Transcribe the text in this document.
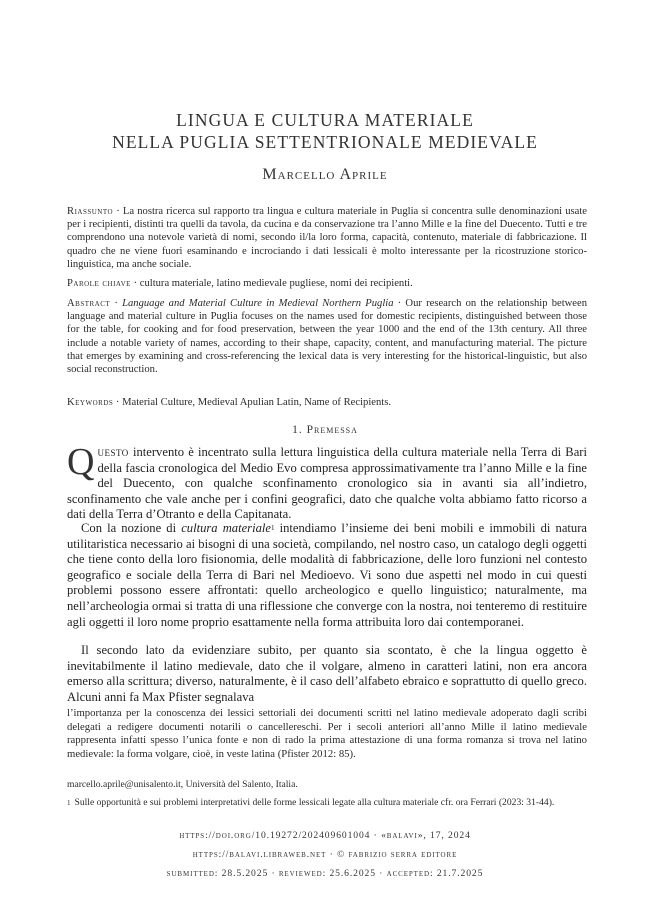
LINGUA E CULTURA MATERIALE
NELLA PUGLIA SETTENTRIONALE MEDIEVALE
Marcello Aprile
Riassunto · La nostra ricerca sul rapporto tra lingua e cultura materiale in Puglia si concentra sulle denominazioni usate per i recipienti, distinti tra quelli da tavola, da cucina e da conservazione tra l’anno Mille e la fine del Duecento. Tutti e tre comprendono una notevole varietà di nomi, secondo il/la loro forma, capacità, contenuto, materiale di fabbricazione. Il quadro che ne viene fuori esaminando e incrociando i dati lessicali è molto interessante per la ricostruzione storico-linguistica, ma anche sociale.
Parole chiave · cultura materiale, latino medievale pugliese, nomi dei recipienti.
Abstract · Language and Material Culture in Medieval Northern Puglia · Our research on the relationship between language and material culture in Puglia focuses on the names used for domestic recipients, distinguished between those for the table, for cooking and for food preservation, between the year 1000 and the end of the 13th century. All three include a notable variety of names, according to their shape, capacity, content, and manufacturing material. The picture that emerges by examining and cross-referencing the lexical data is very interesting for the historical-linguistic, but also social reconstruction.
Keywords · Material Culture, Medieval Apulian Latin, Name of Recipients.
1. Premessa
Questo intervento è incentrato sulla lettura linguistica della cultura materiale nella Terra di Bari della fascia cronologica del Medio Evo compresa approssimativamente tra l’anno Mille e la fine del Duecento, con qualche sconfinamento cronologico sia in avanti sia all’indietro, sconfinamento che vale anche per i confini geografici, dato che qualche volta abbiamo fatto ricorso a dati della Terra d’Otranto e della Capitanata.
Con la nozione di cultura materiale$^1$ intendiamo l’insieme dei beni mobili e immobili di natura utilitaristica necessario ai bisogni di una società, compilando, nel nostro caso, un catalogo degli oggetti che tiene conto della loro fisionomia, delle modalità di fabbricazione, delle loro funzioni nel contesto geografico e sociale della Terra di Bari nel Medioevo. Vi sono due aspetti nel modo in cui questi problemi possono essere affrontati: quello archeologico e quello linguistico; naturalmente, ma nell’archeologia ormai si tratta di una riflessione che converge con la nostra, noi tenteremo di restituire agli oggetti il loro nome proprio esattamente nella forma attribuita loro dai contemporanei.
Il secondo lato da evidenziare subito, per quanto sia scontato, è che la lingua oggetto è inevitabilmente il latino medievale, dato che il volgare, almeno in caratteri latini, non era ancora emerso alla scrittura; diverso, naturalmente, è il caso dell’alfabeto ebraico e soprattutto di quello greco. Alcuni anni fa Max Pfister segnalava
l’importanza per la conoscenza dei lessici settoriali dei documenti scritti nel latino medievale adoperato dagli scribi delegati a redigere documenti notarili o cancellereschi. Per i secoli anteriori all’anno Mille il latino medievale rappresenta infatti spesso l’unica fonte e non di rado la prima attestazione di una forma romanza si trova nel latino medievale: la forma volgare, cioè, in veste latina (Pfister 2012: 85).
marcello.aprile@unisalento.it, Università del Salento, Italia.
$^1$ Sulle opportunità e sui problemi interpretativi delle forme lessicali legate alla cultura materiale cfr. ora Ferrari (2023: 31-44).
https://doi.org/10.19272/202409601004 · «balavi», 17, 2024
https://balavi.libraweb.net · © fabrizio serra editore
submitted: 28.5.2025 · reviewed: 25.6.2025 · accepted: 21.7.2025
